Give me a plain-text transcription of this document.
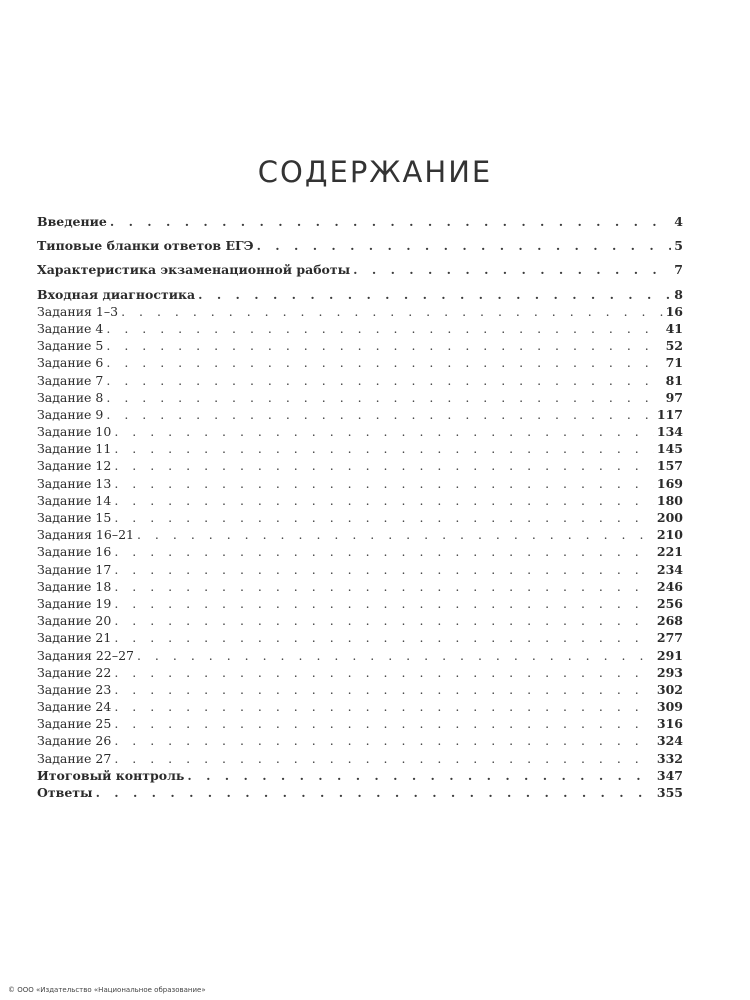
СОДЕРЖАНИЕ
Введение . . .	4
Типовые бланки ответов ЕГЭ . . .	5
Характеристика экзаменационной работы . . .	7
Входная диагностика . . .	8
Задания 1–3 . . .	16
Задание 4 . . .	41
Задание 5 . . .	52
Задание 6 . . .	71
Задание 7 . . .	81
Задание 8 . . .	97
Задание 9 . . .	117
Задание 10 . . .	134
Задание 11 . . .	145
Задание 12 . . .	157
Задание 13 . . .	169
Задание 14 . . .	180
Задание 15 . . .	200
Задания 16–21 . . .	210
Задание 16 . . .	221
Задание 17 . . .	234
Задание 18 . . .	246
Задание 19 . . .	256
Задание 20 . . .	268
Задание 21 . . .	277
Задания 22–27 . . .	291
Задание 22 . . .	293
Задание 23 . . .	302
Задание 24 . . .	309
Задание 25 . . .	316
Задание 26 . . .	324
Задание 27 . . .	332
Итоговый контроль . . .	347
Ответы . . .	355
© ООО «Издательство «Национальное образование»
